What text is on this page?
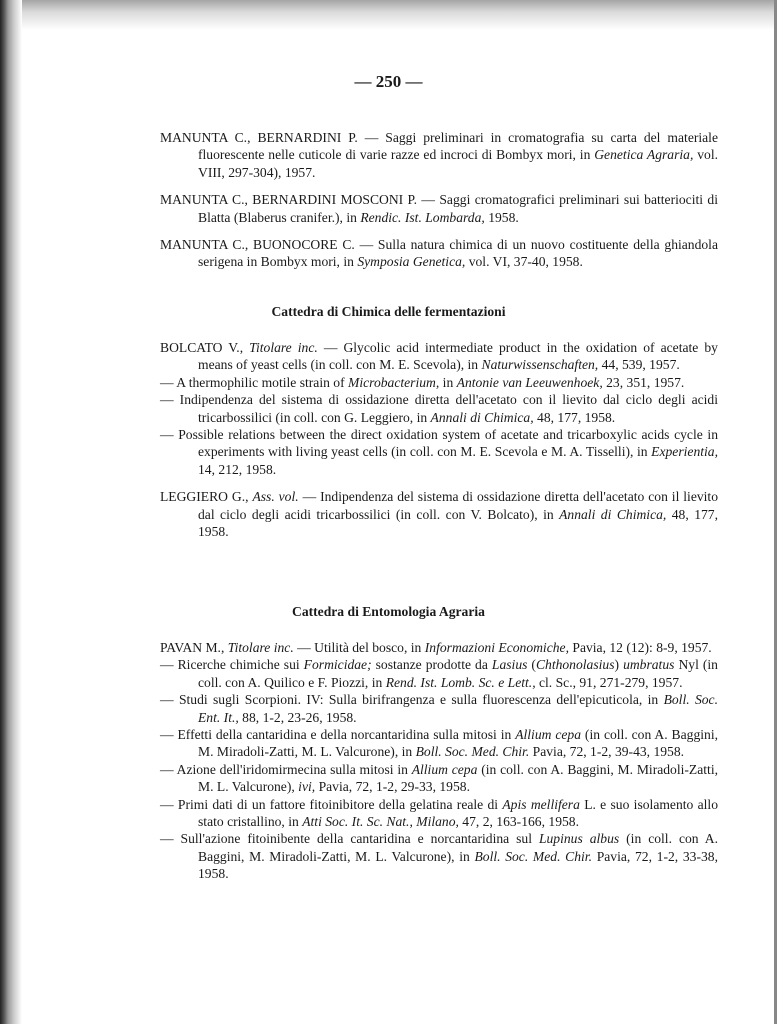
— 250 —
MANUNTA C., BERNARDINI P. — Saggi preliminari in cromatografia su carta del materiale fluorescente nelle cuticole di varie razze ed incroci di Bombyx mori, in Genetica Agraria, vol. VIII, 297-304), 1957.
MANUNTA C., BERNARDINI MOSCONI P. — Saggi cromatografici preliminari sui batteriociti di Blatta (Blaberus cranifer.), in Rendic. Ist. Lombarda, 1958.
MANUNTA C., BUONOCORE C. — Sulla natura chimica di un nuovo costituente della ghiandola serigena in Bombyx mori, in Symposia Genetica, vol. VI, 37-40, 1958.
Cattedra di Chimica delle fermentazioni
BOLCATO V., Titolare inc. — Glycolic acid intermediate product in the oxidation of acetate by means of yeast cells (in coll. con M. E. Scevola), in Naturwissenschaften, 44, 539, 1957.
— A thermophilic motile strain of Microbacterium, in Antonie van Leeuwenhoek, 23, 351, 1957.
— Indipendenza del sistema di ossidazione diretta dell'acetato con il lievito dal ciclo degli acidi tricarbossilici (in coll. con G. Leggiero, in Annali di Chimica, 48, 177, 1958.
— Possible relations between the direct oxidation system of acetate and tricarboxylic acids cycle in experiments with living yeast cells (in coll. con M. E. Scevola e M. A. Tisselli), in Experientia, 14, 212, 1958.
LEGGIERO G., Ass. vol. — Indipendenza del sistema di ossidazione diretta dell'acetato con il lievito dal ciclo degli acidi tricarbossilici (in coll. con V. Bolcato), in Annali di Chimica, 48, 177, 1958.
Cattedra di Entomologia Agraria
PAVAN M., Titolare inc. — Utilità del bosco, in Informazioni Economiche, Pavia, 12 (12): 8-9, 1957.
— Ricerche chimiche sui Formicidae; sostanze prodotte da Lasius (Chthonolasius) umbratus Nyl (in coll. con A. Quilico e F. Piozzi, in Rend. Ist. Lomb. Sc. e Lett., cl. Sc., 91, 271-279, 1957.
— Studi sugli Scorpioni. IV: Sulla birifrangenza e sulla fluorescenza dell'epicuticola, in Boll. Soc. Ent. It., 88, 1-2, 23-26, 1958.
— Effetti della cantaridina e della norcantaridina sulla mitosi in Allium cepa (in coll. con A. Baggini, M. Miradoli-Zatti, M. L. Valcurone), in Boll. Soc. Med. Chir. Pavia, 72, 1-2, 39-43, 1958.
— Azione dell'iridomirmecina sulla mitosi in Allium cepa (in coll. con A. Baggini, M. Miradoli-Zatti, M. L. Valcurone), ivi, Pavia, 72, 1-2, 29-33, 1958.
— Primi dati di un fattore fitoinibitore della gelatina reale di Apis mellifera L. e suo isolamento allo stato cristallino, in Atti Soc. It. Sc. Nat., Milano, 47, 2, 163-166, 1958.
— Sull'azione fitoinibente della cantaridina e norcantaridina sul Lupinus albus (in coll. con A. Baggini, M. Miradoli-Zatti, M. L. Valcurone), in Boll. Soc. Med. Chir. Pavia, 72, 1-2, 33-38, 1958.
